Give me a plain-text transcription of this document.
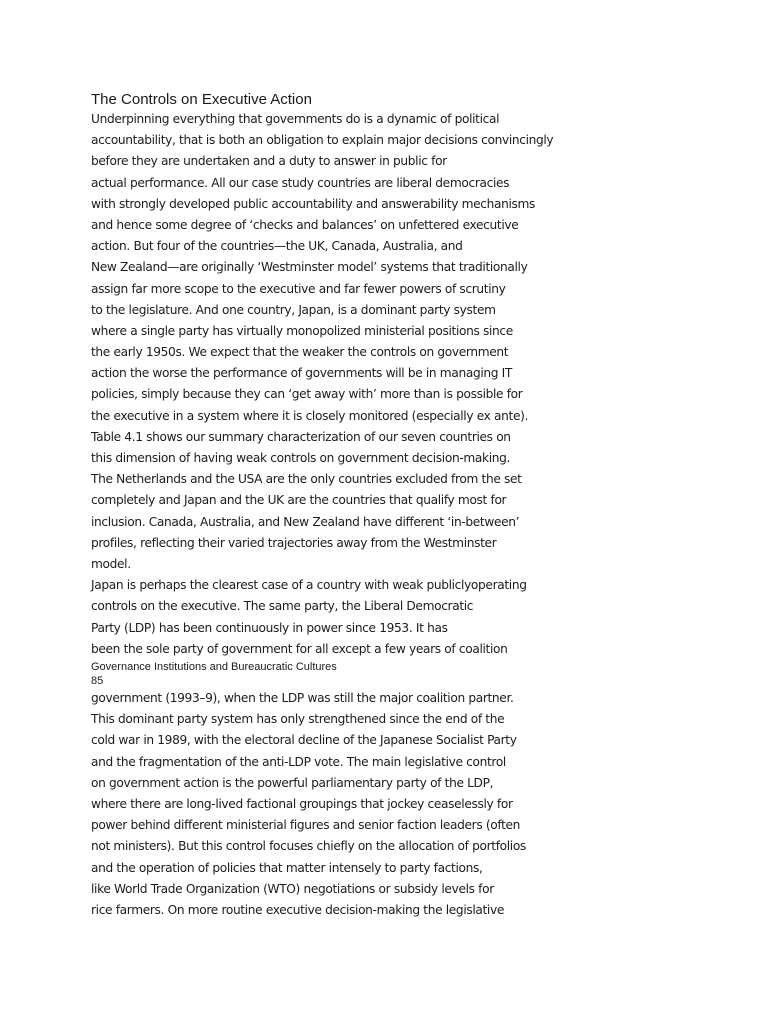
The Controls on Executive Action
Underpinning everything that governments do is a dynamic of political
accountability, that is both an obligation to explain major decisions convincingly
before they are undertaken and a duty to answer in public for
actual performance. All our case study countries are liberal democracies
with strongly developed public accountability and answerability mechanisms
and hence some degree of ‘checks and balances’ on unfettered executive
action. But four of the countries—the UK, Canada, Australia, and
New Zealand—are originally ‘Westminster model’ systems that traditionally
assign far more scope to the executive and far fewer powers of scrutiny
to the legislature. And one country, Japan, is a dominant party system
where a single party has virtually monopolized ministerial positions since
the early 1950s. We expect that the weaker the controls on government
action the worse the performance of governments will be in managing IT
policies, simply because they can ‘get away with’ more than is possible for
the executive in a system where it is closely monitored (especially ex ante).
Table 4.1 shows our summary characterization of our seven countries on
this dimension of having weak controls on government decision-making.
The Netherlands and the USA are the only countries excluded from the set
completely and Japan and the UK are the countries that qualify most for
inclusion. Canada, Australia, and New Zealand have different ‘in-between’
profiles, reflecting their varied trajectories away from the Westminster
model.
Japan is perhaps the clearest case of a country with weak publiclyoperating
controls on the executive. The same party, the Liberal Democratic
Party (LDP) has been continuously in power since 1953. It has
been the sole party of government for all except a few years of coalition
Governance Institutions and Bureaucratic Cultures
85
government (1993–9), when the LDP was still the major coalition partner.
This dominant party system has only strengthened since the end of the
cold war in 1989, with the electoral decline of the Japanese Socialist Party
and the fragmentation of the anti-LDP vote. The main legislative control
on government action is the powerful parliamentary party of the LDP,
where there are long-lived factional groupings that jockey ceaselessly for
power behind different ministerial figures and senior faction leaders (often
not ministers). But this control focuses chiefly on the allocation of portfolios
and the operation of policies that matter intensely to party factions,
like World Trade Organization (WTO) negotiations or subsidy levels for
rice farmers. On more routine executive decision-making the legislative
